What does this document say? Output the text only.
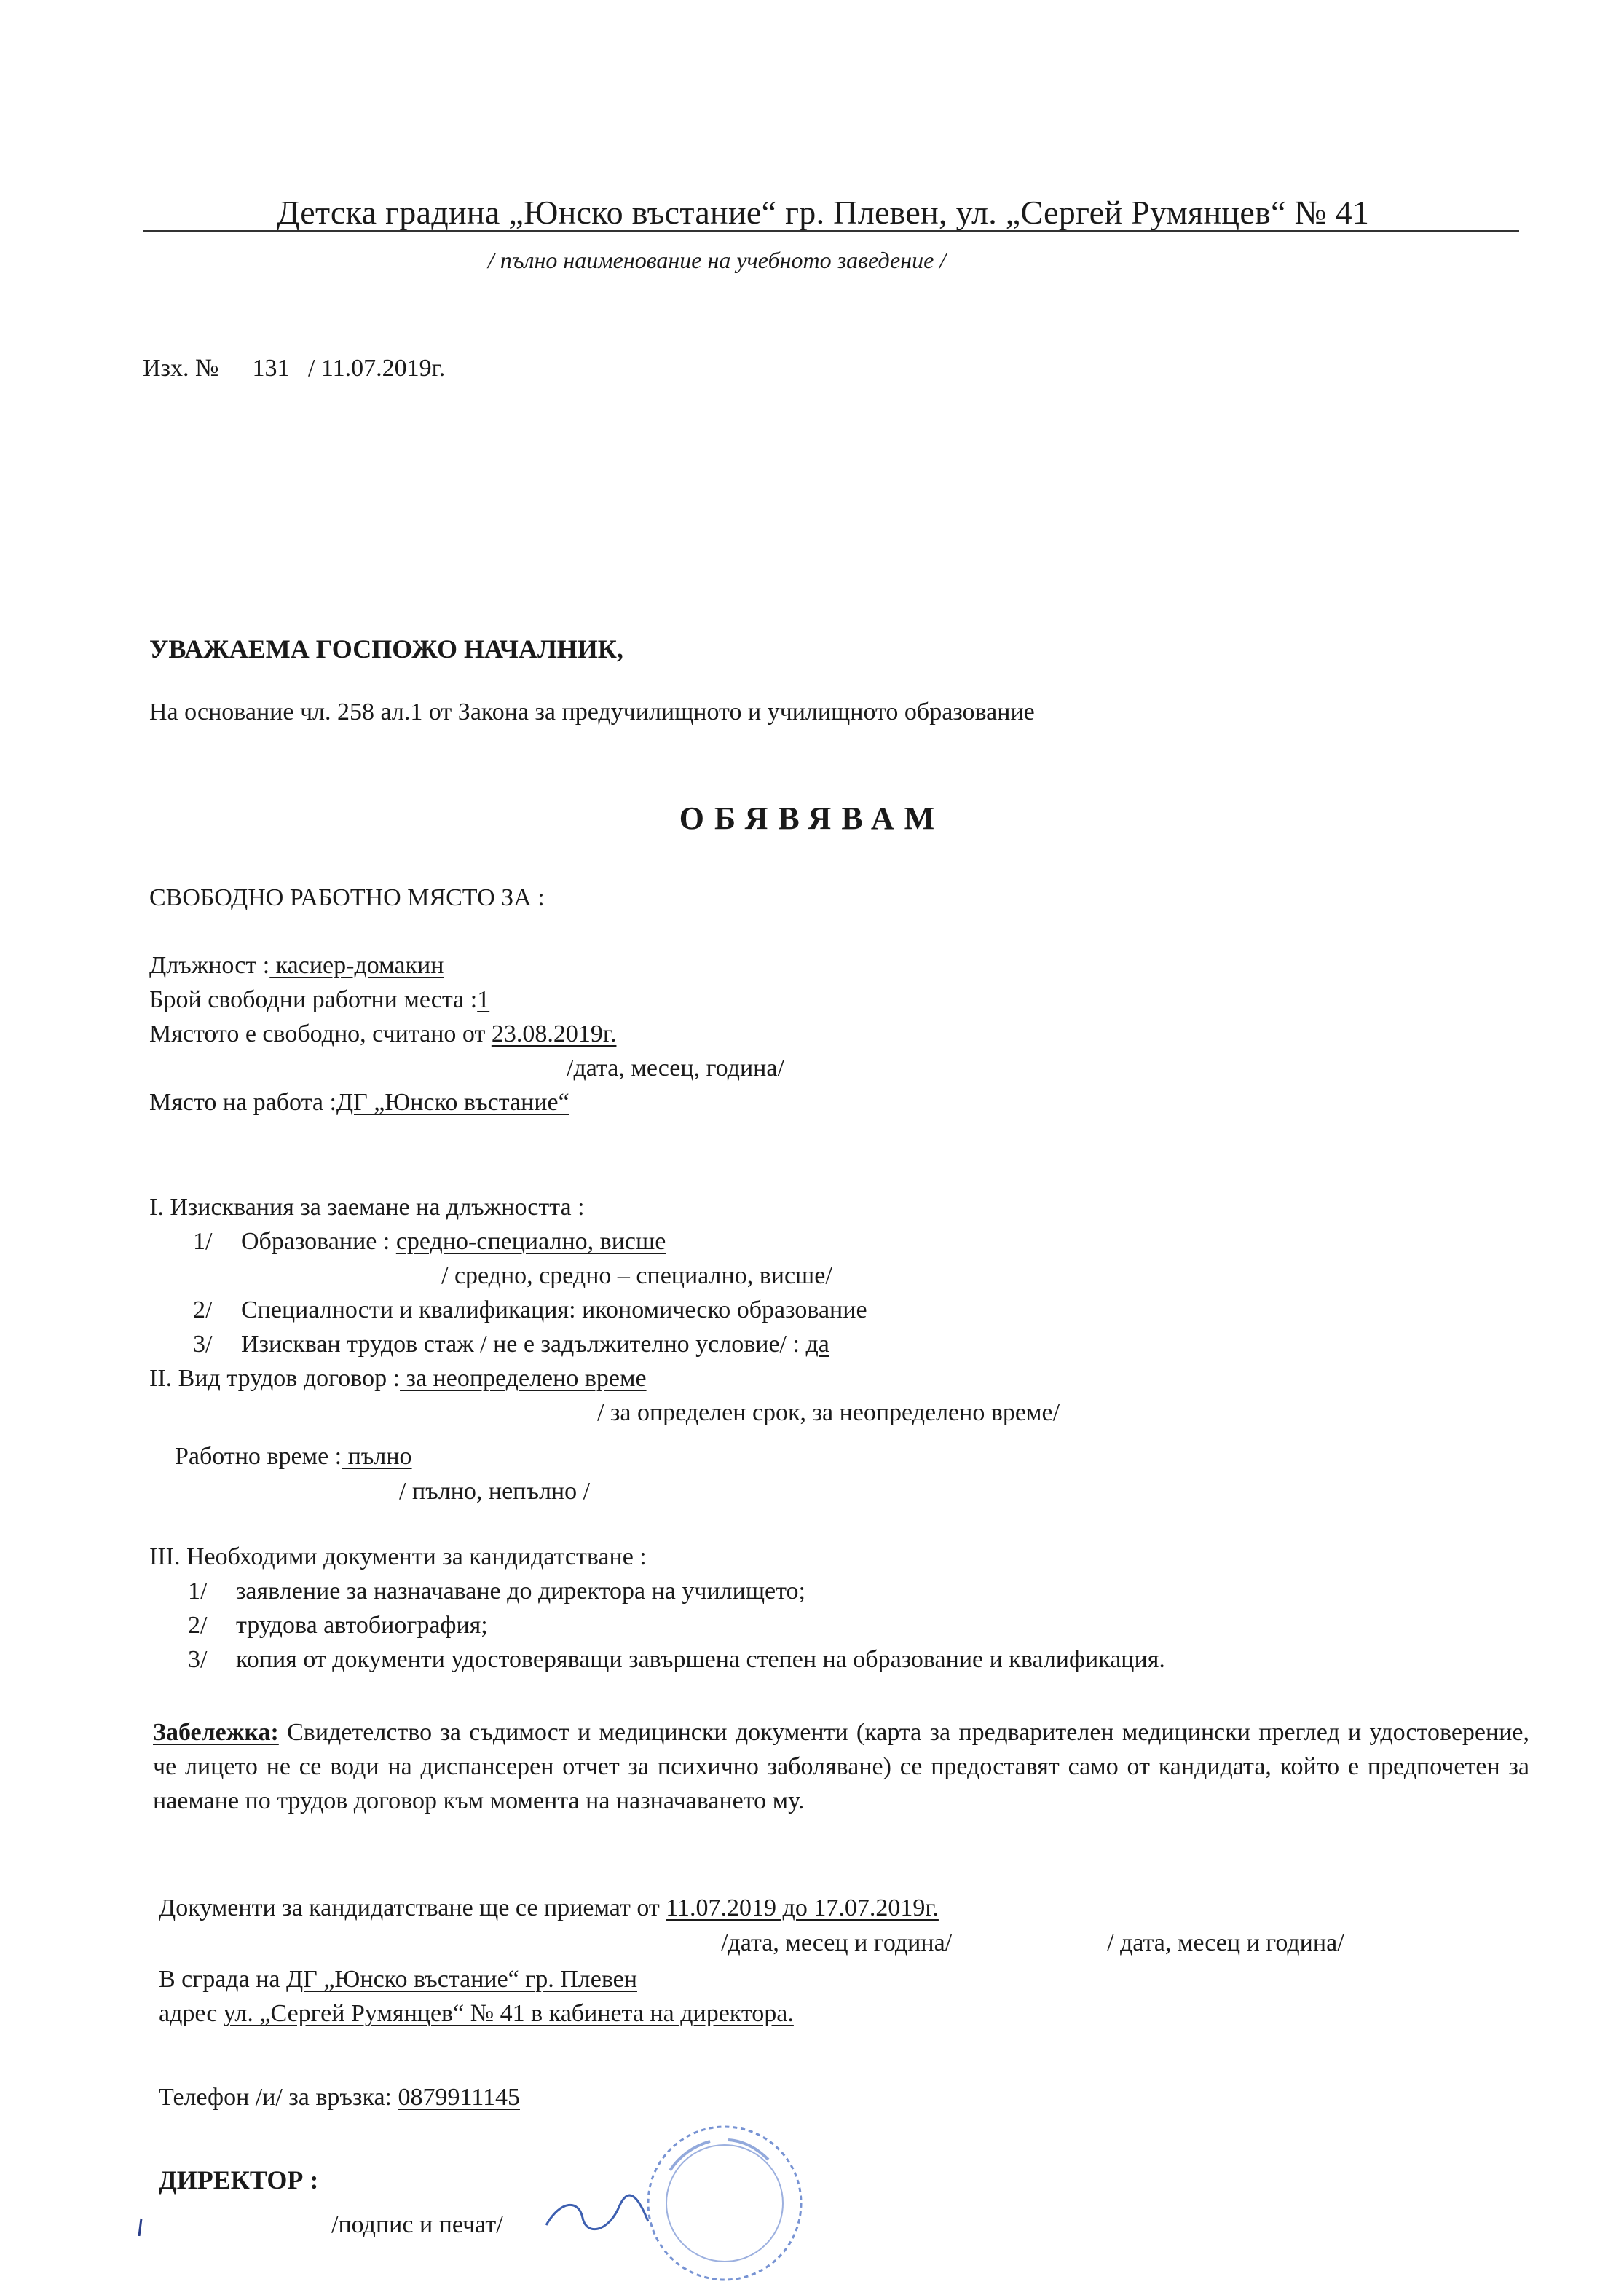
Детска градина „Юнско въстание“ гр. Плевен, ул. „Сергей Румянцев“ № 41
/ пълно наименование на учебното заведение /
Изх. № 131 / 11.07.2019г.
УВАЖАЕМА ГОСПОЖО НАЧАЛНИК,
На основание чл. 258 ал.1 от Закона за предучилищното и училищното образование
ОБЯВЯВАМ
СВОБОДНО РАБОТНО МЯСТО ЗА :
Длъжност : касиер-домакин
Брой свободни работни места :1
Мястото е свободно, считано от 23.08.2019г.
/дата, месец, година/
Място на работа :ДГ „Юнско въстание“
I. Изисквания за заемане на длъжността :
1/ Образование : средно-специално, висше
/ средно, средно – специално, висше/
2/ Специалности и квалификация: икономическо образование
3/ Изискван трудов стаж / не е задължително условие/ : да
II. Вид трудов договор : за неопределено време
/ за определен срок, за неопределено време/
Работно време : пълно
/ пълно, непълно /
III. Необходими документи за кандидатстване :
1/ заявление за назначаване до директора на училището;
2/ трудова автобиография;
3/ копия от документи удостоверяващи завършена степен на образование и квалификация.
Забележка: Свидетелство за съдимост и медицински документи (карта за предварителен медицински преглед и удостоверение, че лицето не се води на диспансерен отчет за психично заболяване) се предоставят само от кандидата, който е предпочетен за наемане по трудов договор към момента на назначаването му.
Документи за кандидатстване ще се приемат от 11.07.2019 до 17.07.2019г.
/дата, месец и година/	/ дата, месец и година/
В сграда на ДГ „Юнско въстание“ гр. Плевен
адрес ул. „Сергей Румянцев“ № 41 в кабинета на директора.
Телефон /и/ за връзка: 0879911145
ДИРЕКТОР :
/подпис и печат/
